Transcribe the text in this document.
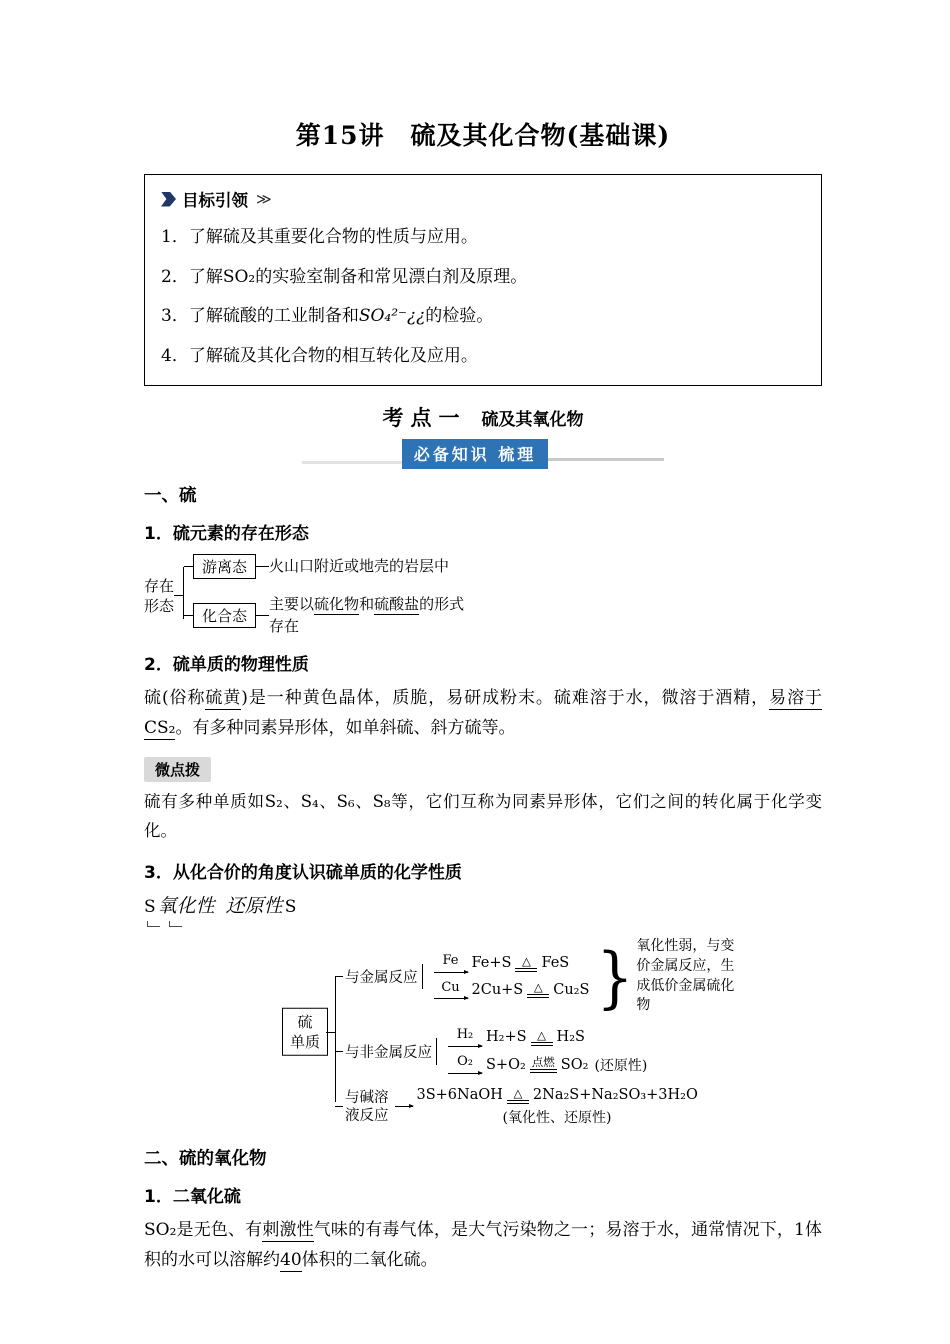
第15讲　硫及其化合物(基础课)
目标引领 ≫

1．了解硫及其重要化合物的性质与应用。

2．了解SO₂的实验室制备和常见漂白剂及原理。

3．了解硫酸的工业制备和SO₄²⁻¿¿的检验。

4．了解硫及其化合物的相互转化及应用。

考点一 硫及其氧化物
必备知识 梳理
一、硫
1．硫元素的存在形态
存在
形态
游离态	火山口附近或地壳的岩层中
化合态
主要以硫化物和硫酸盐的形式存在
2．硫单质的物理性质

硫(俗称硫黄)是一种黄色晶体，质脆，易研成粉末。硫难溶于水，微溶于酒精，易溶于CS₂。有多种同素异形体，如单斜硫、斜方硫等。

微点拨

硫有多种单质如S₂、S₄、S₆、S₈等，它们互称为同素异形体，它们之间的转化属于化学变化。

3．从化合价的角度认识硫单质的化学性质
S 氧化性 还原性 S
硫
单质
与金属反应
Fe Fe+S △ FeS
Cu 2Cu+S △ Cu₂S } 氧化性弱，与变价金属反应，生成低价金属硫化物
与非金属反应
H₂ H₂+S △ H₂S
O₂ S+O₂ 点燃 SO₂ (还原性)
与碱溶
液反应
3S+6NaOH △ 2Na₂S+Na₂SO₃+3H₂O
(氧化性、还原性)
二、硫的氧化物
1．二氧化硫

SO₂是无色、有刺激性气味的有毒气体，是大气污染物之一；易溶于水，通常情况下，1体积的水可以溶解约40体积的二氧化硫。
